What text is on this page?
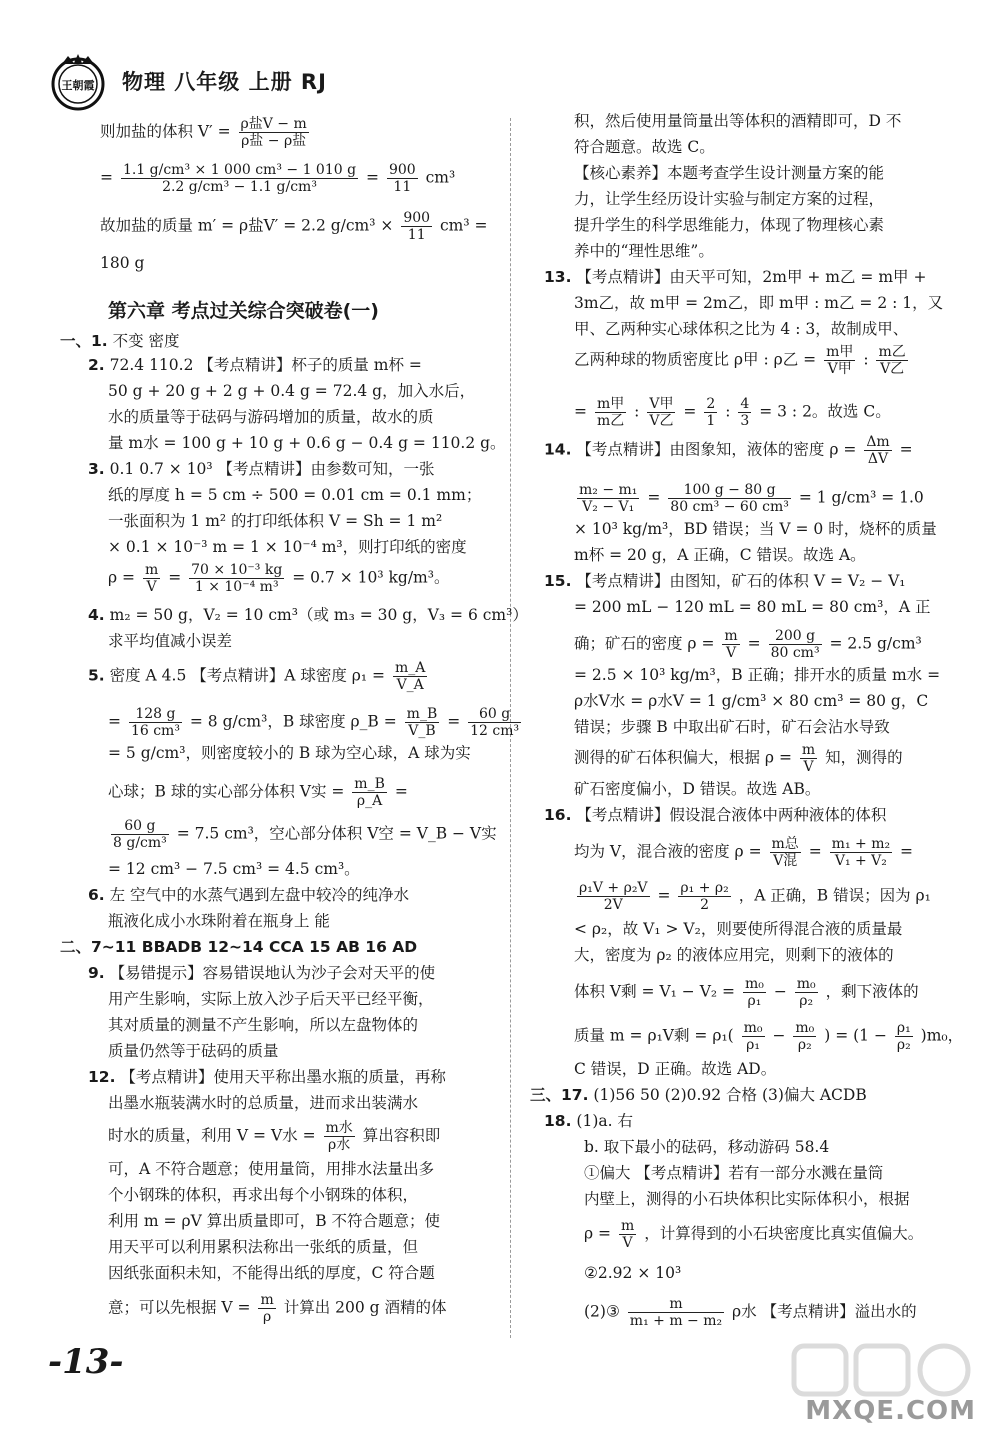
王朝霞 物理 八年级 上册 RJ
则加盐的体积 $V' = \frac{\text{ρ盐V − m}}{\text{ρ盐 − ρ盐}}$
= $\frac{\text{1.1 g/cm³ × 1 000 cm³ − 1 010 g}}{\text{2.2 g/cm³ − 1.1 g/cm³}} = \frac{900}{11} cm^3$
故加盐的质量 m′ = ρ盐V′ = 2.2 $g/cm^3 \times \frac{900}{11} cm^3$ =
180 g
第六章 考点过关综合突破卷(一)
一、1. 不变 密度
2. 72.4 110.2 【考点精讲】杯子的质量 m杯 =
50 g + 20 g + 2 g + 0.4 g = 72.4 g，加入水后，
水的质量等于砝码与游码增加的质量，故水的质
量 m水 = 100 g + 10 g + 0.6 g − 0.4 g = 110.2 g。
3. 0.1 0.7 × 10³ 【考点精讲】由参数可知，一张
纸的厚度 h = 5 cm ÷ 500 = 0.01 cm = 0.1 mm；
一张面积为 1 m² 的打印纸体积 V = Sh = 1 m²
× 0.1 × 10⁻³ m = 1 × 10⁻⁴ m³，则打印纸的密度
$\rho = \frac{m}{V} = \frac{\text{70 × 10⁻³ kg}}{\text{1 × 10⁻⁴ m³}} = 0.7 \times 10^3$ kg/m³。
4. m₂ = 50 g，V₂ = 10 cm³（或 m₃ = 30 g，V₃ = 6 cm³）
求平均值减小误差
5. 密度 A 4.5 【考点精讲】A 球密度 $\rho_1 = \frac{m\_A}{V\_A}$
= $\frac{128 g}{\text{16 cm³}} = 8$ g/cm³，B 球密度 ρ_B = $\frac{m\_B}{V\_B} = \frac{60 g}{\text{12 cm³}}$
= 5 g/cm³，则密度较小的 B 球为空心球，A 球为实
心球；B 球的实心部分体积 V实 = $\frac{m\_B}{\rho\_A}$ =
$\frac{60 g}{\text{8 g/cm³}} = 7.5$ cm³，空心部分体积 V空 = V_B − V实
= 12 cm³ − 7.5 cm³ = 4.5 cm³。
6. 左 空气中的水蒸气遇到左盘中较冷的纯净水
瓶液化成小水珠附着在瓶身上 能
二、7~11 BBADB 12~14 CCA 15 AB 16 AD
9. 【易错提示】容易错误地认为沙子会对天平的使
用产生影响，实际上放入沙子后天平已经平衡，
其对质量的测量不产生影响，所以左盘物体的
质量仍然等于砝码的质量
12. 【考点精讲】使用天平称出墨水瓶的质量，再称
出墨水瓶装满水时的总质量，进而求出装满水
时水的质量，利用 V = V水 = $\frac{\text{m水}}{\text{ρ水}}$ 算出容积即
可，A 不符合题意；使用量筒，用排水法量出多
个小钢珠的体积，再求出每个小钢珠的体积，
利用 m = ρV 算出质量即可，B 不符合题意；使
用天平可以利用累积法称出一张纸的质量，但
因纸张面积未知，不能得出纸的厚度，C 符合题
意；可以先根据 $V = \frac{m}{\rho}$ 计算出 200 g 酒精的体
积，然后使用量筒量出等体积的酒精即可，D 不
符合题意。故选 C。
【核心素养】本题考查学生设计测量方案的能
力，让学生经历设计实验与制定方案的过程，
提升学生的科学思维能力，体现了物理核心素
养中的“理性思维”。
13. 【考点精讲】由天平可知，2m甲 + m乙 = m甲 +
3m乙，故 m甲 = 2m乙，即 m甲 : m乙 = 2 : 1，又
甲、乙两种实心球体积之比为 4 : 3，故制成甲、
乙两种球的物质密度比 ρ甲 : ρ乙 = $\frac{\text{m甲}}{\text{V甲}}$ : $\frac{\text{m乙}}{\text{V乙}}$
= $\frac{\text{m甲}}{\text{m乙}}$ : $\frac{\text{V甲}}{\text{V乙}} = \frac{2}{1}$ : $\frac{4}{3} = 3$ : 2。故选 C。
14. 【考点精讲】由图象知，液体的密度 $\rho = \frac{\Delta m}{\Delta V}$ =
$\frac{\text{m₂ − m₁}}{\text{V₂ − V₁}} = \frac{100 g - 80 g}{\text{80 cm³ − 60 cm³}} = 1$ g/cm³ = 1.0
× 10³ kg/m³，BD 错误；当 V = 0 时，烧杯的质量
m杯 = 20 g，A 正确，C 错误。故选 A。
15. 【考点精讲】由图知，矿石的体积 V = V₂ − V₁
= 200 mL − 120 mL = 80 mL = 80 cm³，A 正
确；矿石的密度 $\rho = \frac{m}{V} = \frac{200 g}{\text{80 cm³}} = 2.5$ g/cm³
= 2.5 × 10³ kg/m³，B 正确；排开水的质量 m水 =
ρ水V水 = ρ水V = 1 g/cm³ × 80 cm³ = 80 g，C
错误；步骤 B 中取出矿石时，矿石会沾水导致
测得的矿石体积偏大，根据 $\rho = \frac{m}{V}$ 知，测得的
矿石密度偏小，D 错误。故选 AB。
16. 【考点精讲】假设混合液体中两种液体的体积
均为 V，混合液的密度 $\rho = \frac{\text{m总}}{\text{V混}} = \frac{\text{m₁ + m₂}}{\text{V₁ + V₂}}$ =
$\frac{\text{ρ₁V + ρ₂V}}{2V} = \frac{\text{ρ₁ + ρ₂}}{2}$ ，A 正确，B 错误；因为 ρ₁
< ρ₂，故 V₁ > V₂，则要使所得混合液的质量最
大，密度为 ρ₂ 的液体应用完，则剩下的液体的
体积 V剩 = $V_1 - V_2 = \frac{\text{m₀}}{\text{ρ₁}} - \frac{\text{m₀}}{\text{ρ₂}}$ ，剩下液体的
质量 m = ρ₁V剩 = $\rho_1( \frac{\text{m₀}}{\text{ρ₁}} - \frac{\text{m₀}}{\text{ρ₂}}$ ) = $(1 - \frac{\text{ρ₁}}{\text{ρ₂}} )m_0$，
C 错误，D 正确。故选 AD。
三、17. (1)56 50 (2)0.92 合格 (3)偏大 ACDB
18. (1)a. 右
b. 取下最小的砝码，移动游码 58.4
①偏大 【考点精讲】若有一部分水溅在量筒
内壁上，测得的小石块体积比实际体积小，根据
$\rho = \frac{m}{V}$ ，计算得到的小石块密度比真实值偏大。
②2.92 × 10³
(2)③ $\frac{m}{\text{m₁ + m − m₂}}$ ρ水 【考点精讲】溢出水的
-13-
MXQE.COM
